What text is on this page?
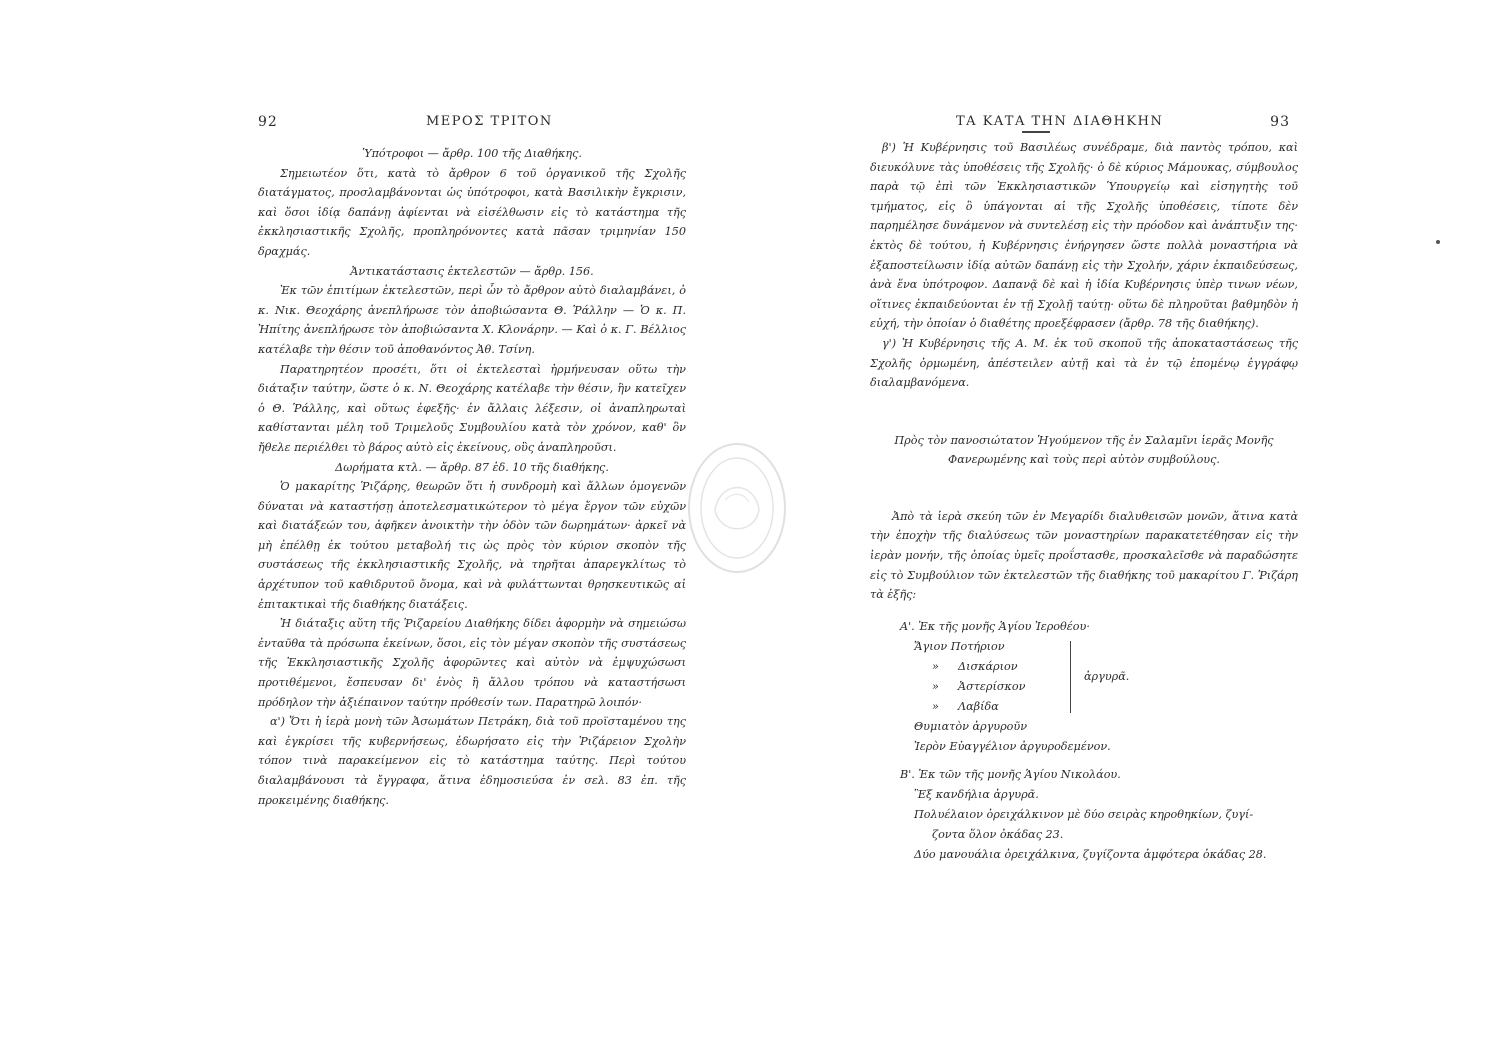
92	ΜΕΡΟΣ ΤΡΙΤΟΝ

Ὑπότροφοι — ἄρθρ. 100 τῆς Διαθήκης.

Σημειωτέον ὅτι, κατὰ τὸ ἄρθρον 6 τοῦ ὀργανικοῦ τῆς Σχολῆς διατάγματος, προσλαμβάνονται ὡς ὑπότροφοι, κατὰ Βασιλικὴν ἔγκρισιν, καὶ ὅσοι ἰδίᾳ δαπάνῃ ἀφίενται νὰ εἰσέλθωσιν εἰς τὸ κατάστημα τῆς ἐκκλησιαστικῆς Σχολῆς, προπληρόνοντες κατὰ πᾶσαν τριμηνίαν 150 δραχμάς.

Ἀντικατάστασις ἐκτελεστῶν — ἄρθρ. 156.

Ἐκ τῶν ἐπιτίμων ἐκτελεστῶν, περὶ ὧν τὸ ἄρθρον αὐτὸ διαλαμβάνει, ὁ κ. Νικ. Θεοχάρης ἀνεπλήρωσε τὸν ἀποβιώσαντα Θ. Ῥάλλην — Ὁ κ. Π. Ἠπίτης ἀνεπλήρωσε τὸν ἀποβιώσαντα Χ. Κλονάρην. — Καὶ ὁ κ. Γ. Βέλλιος κατέλαβε τὴν θέσιν τοῦ ἀποθανόντος Ἀθ. Τσίνη.

Παρατηρητέον προσέτι, ὅτι οἱ ἐκτελεσταὶ ἡρμήνευσαν οὕτω τὴν διάταξιν ταύτην, ὥστε ὁ κ. Ν. Θεοχάρης κατέλαβε τὴν θέσιν, ἣν κατεῖχεν ὁ Θ. Ῥάλλης, καὶ οὕτως ἐφεξῆς· ἐν ἄλλαις λέξεσιν, οἱ ἀναπληρωταὶ καθίστανται μέλη τοῦ Τριμελοῦς Συμβουλίου κατὰ τὸν χρόνον, καθ' ὃν ἤθελε περιέλθει τὸ βάρος αὐτὸ εἰς ἐκείνους, οὓς ἀναπληροῦσι.

Δωρήματα κτλ. — ἄρθρ. 87 ἐδ. 10 τῆς διαθήκης.

Ὁ μακαρίτης Ῥιζάρης, θεωρῶν ὅτι ἡ συνδρομὴ καὶ ἄλλων ὁμογενῶν δύναται νὰ καταστήσῃ ἀποτελεσματικώτερον τὸ μέγα ἔργον τῶν εὐχῶν καὶ διατάξεών του, ἀφῆκεν ἀνοικτὴν τὴν ὁδὸν τῶν δωρημάτων· ἀρκεῖ νὰ μὴ ἐπέλθῃ ἐκ τούτου μεταβολή τις ὡς πρὸς τὸν κύριον σκοπὸν τῆς συστάσεως τῆς ἐκκλησιαστικῆς Σχολῆς, νὰ τηρῆται ἀπαρεγκλίτως τὸ ἀρχέτυπον τοῦ καθιδρυτοῦ ὄνομα, καὶ νὰ φυλάττωνται θρησκευτικῶς αἱ ἐπιτακτικαὶ τῆς διαθήκης διατάξεις.

Ἡ διάταξις αὕτη τῆς Ῥιζαρείου Διαθήκης δίδει ἀφορμὴν νὰ σημειώσω ἐνταῦθα τὰ πρόσωπα ἐκείνων, ὅσοι, εἰς τὸν μέγαν σκοπὸν τῆς συστάσεως τῆς Ἐκκλησιαστικῆς Σχολῆς ἀφορῶντες καὶ αὐτὸν νὰ ἐμψυχώσωσι προτιθέμενοι, ἔσπευσαν δι' ἑνὸς ἢ ἄλλου τρόπου νὰ καταστήσωσι πρόδηλον τὴν ἀξιέπαινον ταύτην πρόθεσίν των. Παρατηρῶ λοιπόν·

α') Ὅτι ἡ ἱερὰ μονὴ τῶν Ἀσωμάτων Πετράκη, διὰ τοῦ προϊσταμένου της καὶ ἐγκρίσει τῆς κυβερνήσεως, ἐδωρήσατο εἰς τὴν Ῥιζάρειον Σχολὴν τόπον τινὰ παρακείμενον εἰς τὸ κατάστημα ταύτης. Περὶ τούτου διαλαμβάνουσι τὰ ἔγγραφα, ἅτινα ἐδημοσιεύσα ἐν σελ. 83 ἐπ. τῆς προκειμένης διαθήκης.

ΤΑ ΚΑΤΑ ΤΗΝ ΔΙΑΘΗΚΗΝ	93

β') Ἡ Κυβέρνησις τοῦ Βασιλέως συνέδραμε, διὰ παντὸς τρόπου, καὶ διευκόλυνε τὰς ὑποθέσεις τῆς Σχολῆς· ὁ δὲ κύριος Μάμουκας, σύμβουλος παρὰ τῷ ἐπὶ τῶν Ἐκκλησιαστικῶν Ὑπουργείῳ καὶ εἰσηγητὴς τοῦ τμήματος, εἰς ὃ ὑπάγονται αἱ τῆς Σχολῆς ὑποθέσεις, τίποτε δὲν παρημέλησε δυνάμενον νὰ συντελέσῃ εἰς τὴν πρόοδον καὶ ἀνάπτυξιν της· ἐκτὸς δὲ τούτου, ἡ Κυβέρνησις ἐνήργησεν ὥστε πολλὰ μοναστήρια νὰ ἐξαποστείλωσιν ἰδίᾳ αὐτῶν δαπάνῃ εἰς τὴν Σχολήν, χάριν ἐκπαιδεύσεως, ἀνὰ ἕνα ὑπότροφον. Δαπανᾷ δὲ καὶ ἡ ἰδία Κυβέρνησις ὑπὲρ τινων νέων, οἵτινες ἐκπαιδεύονται ἐν τῇ Σχολῇ ταύτῃ· οὕτω δὲ πληροῦται βαθμηδὸν ἡ εὐχή, τὴν ὁποίαν ὁ διαθέτης προεξέφρασεν (ἄρθρ. 78 τῆς διαθήκης).

γ') Ἡ Κυβέρνησις τῆς Α. Μ. ἐκ τοῦ σκοποῦ τῆς ἀποκαταστάσεως τῆς Σχολῆς ὁρμωμένη, ἀπέστειλεν αὐτῇ καὶ τὰ ἐν τῷ ἑπομένῳ ἐγγράφῳ διαλαμβανόμενα.

Πρὸς τὸν πανοσιώτατον Ἡγούμενον τῆς ἐν Σαλαμῖνι ἱερᾶς Μονῆς
Φανερωμένης καὶ τοὺς περὶ αὐτὸν συμβούλους.

Ἀπὸ τὰ ἱερὰ σκεύη τῶν ἐν Μεγαρίδι διαλυθεισῶν μονῶν, ἅτινα κατὰ τὴν ἐποχὴν τῆς διαλύσεως τῶν μοναστηρίων παρακατετέθησαν εἰς τὴν ἱερὰν μονήν, τῆς ὁποίας ὑμεῖς προΐστασθε, προσκαλεῖσθε νὰ παραδώσητε εἰς τὸ Συμβούλιον τῶν ἐκτελεστῶν τῆς διαθήκης τοῦ μακαρίτου Γ. Ῥιζάρη τὰ ἑξῆς:

Α'. Ἐκ τῆς μονῆς Ἁγίου Ἱεροθέου·
Ἅγιον Ποτήριον
» Δισκάριον
» Ἀστερίσκον
» Λαβίδα
ἀργυρᾶ.
Θυμιατὸν ἀργυροῦν
Ἱερὸν Εὐαγγέλιον ἀργυροδεμένον.
Β'. Ἐκ τῶν τῆς μονῆς Ἁγίου Νικολάου.
Ἓξ κανδήλια ἀργυρᾶ.
Πολυέλαιον ὀρειχάλκινον μὲ δύο σειρὰς κηροθηκίων, ζυγί-
ζοντα ὅλον ὀκάδας 23.
Δύο μανουάλια ὀρειχάλκινα, ζυγίζοντα ἀμφότερα ὀκάδας 28.
